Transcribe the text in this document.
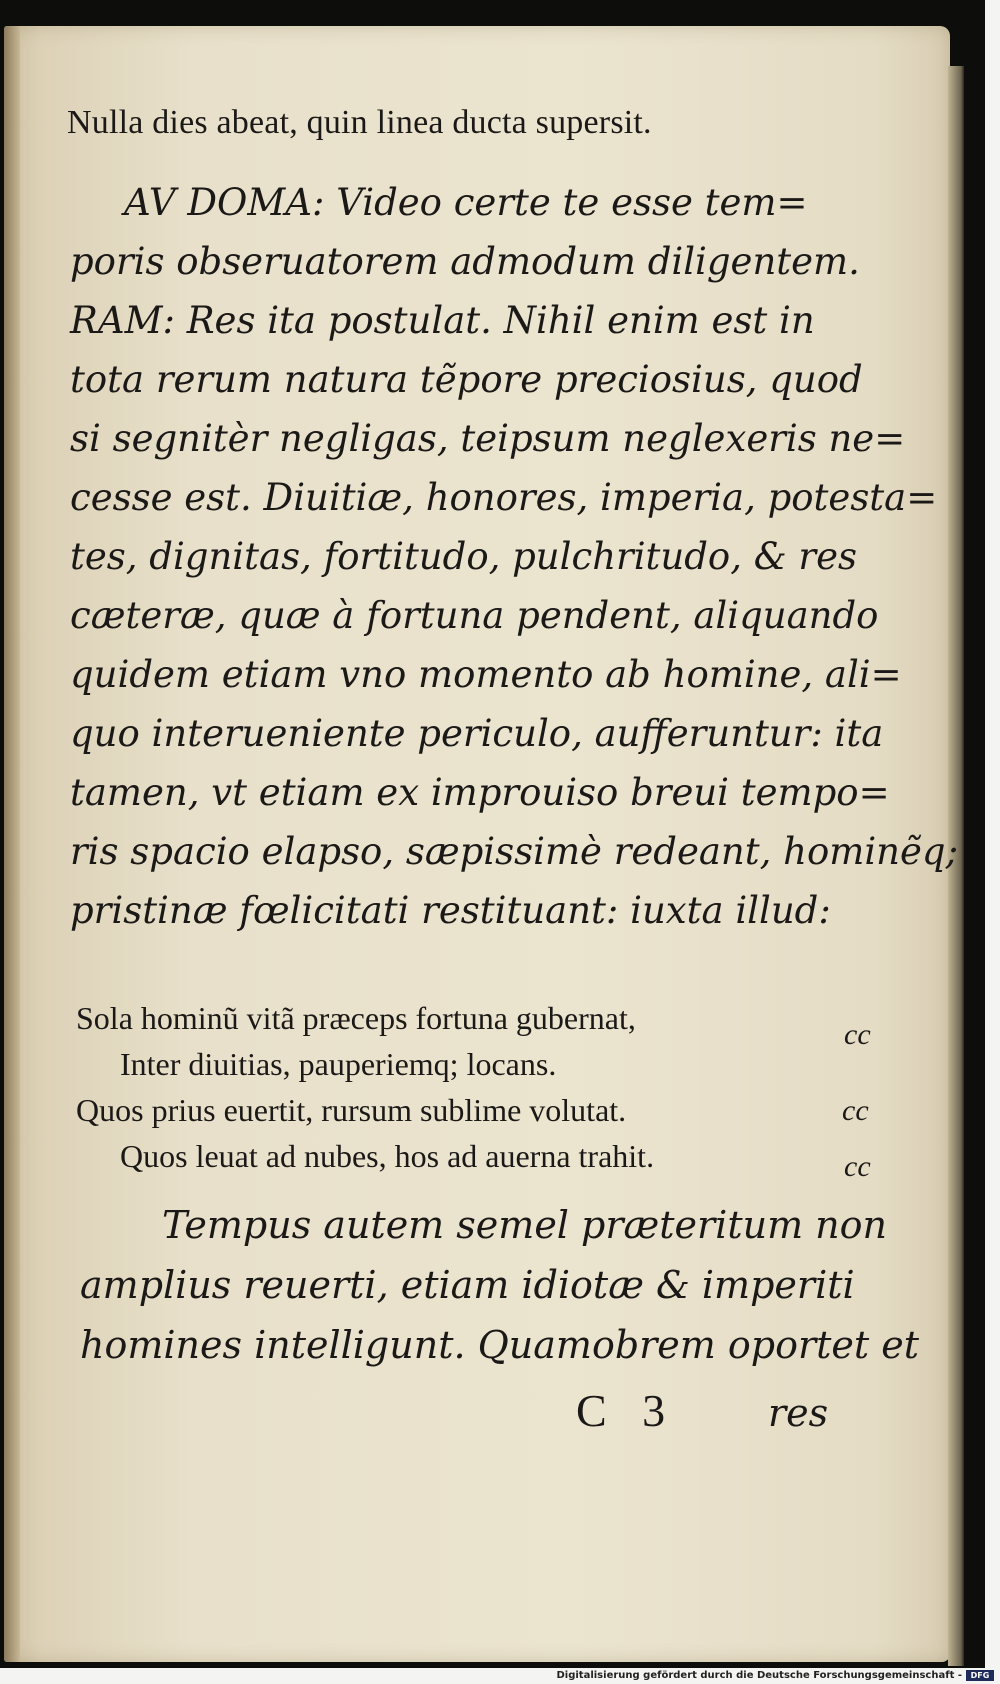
Nulla dies abeat, quin linea ducta supersit.
AV DOMA: Video certe te esse tem=
poris obseruatorem admodum diligentem.
RAM: Res ita postulat. Nihil enim est in
tota rerum natura tẽpore preciosius, quod
si segnitèr negligas, teipsum neglexeris ne=
cesse est. Diuitiæ, honores, imperia, potesta=
tes, dignitas, fortitudo, pulchritudo, & res
cæteræ, quæ à fortuna pendent, aliquando
quidem etiam vno momento ab homine, ali=
quo interueniente periculo, aufferuntur: ita
tamen, vt etiam ex improuiso breui tempo=
ris spacio elapso, sæpissimè redeant, hominẽq;
pristinæ fœlicitati restituant: iuxta illud:
Sola hominũ vitã præceps fortuna gubernat,
Inter diuitias, pauperiemq; locans.
Quos prius euertit, rursum sublime volutat.
Quos leuat ad nubes, hos ad auerna trahit.
cc
cc
cc
Tempus autem semel præteritum non
amplius reuerti, etiam idiotæ & imperiti
homines intelligunt. Quamobrem oportet et
C 3 res
Digitalisierung gefördert durch die Deutsche Forschungsgemeinschaft -	DFG
